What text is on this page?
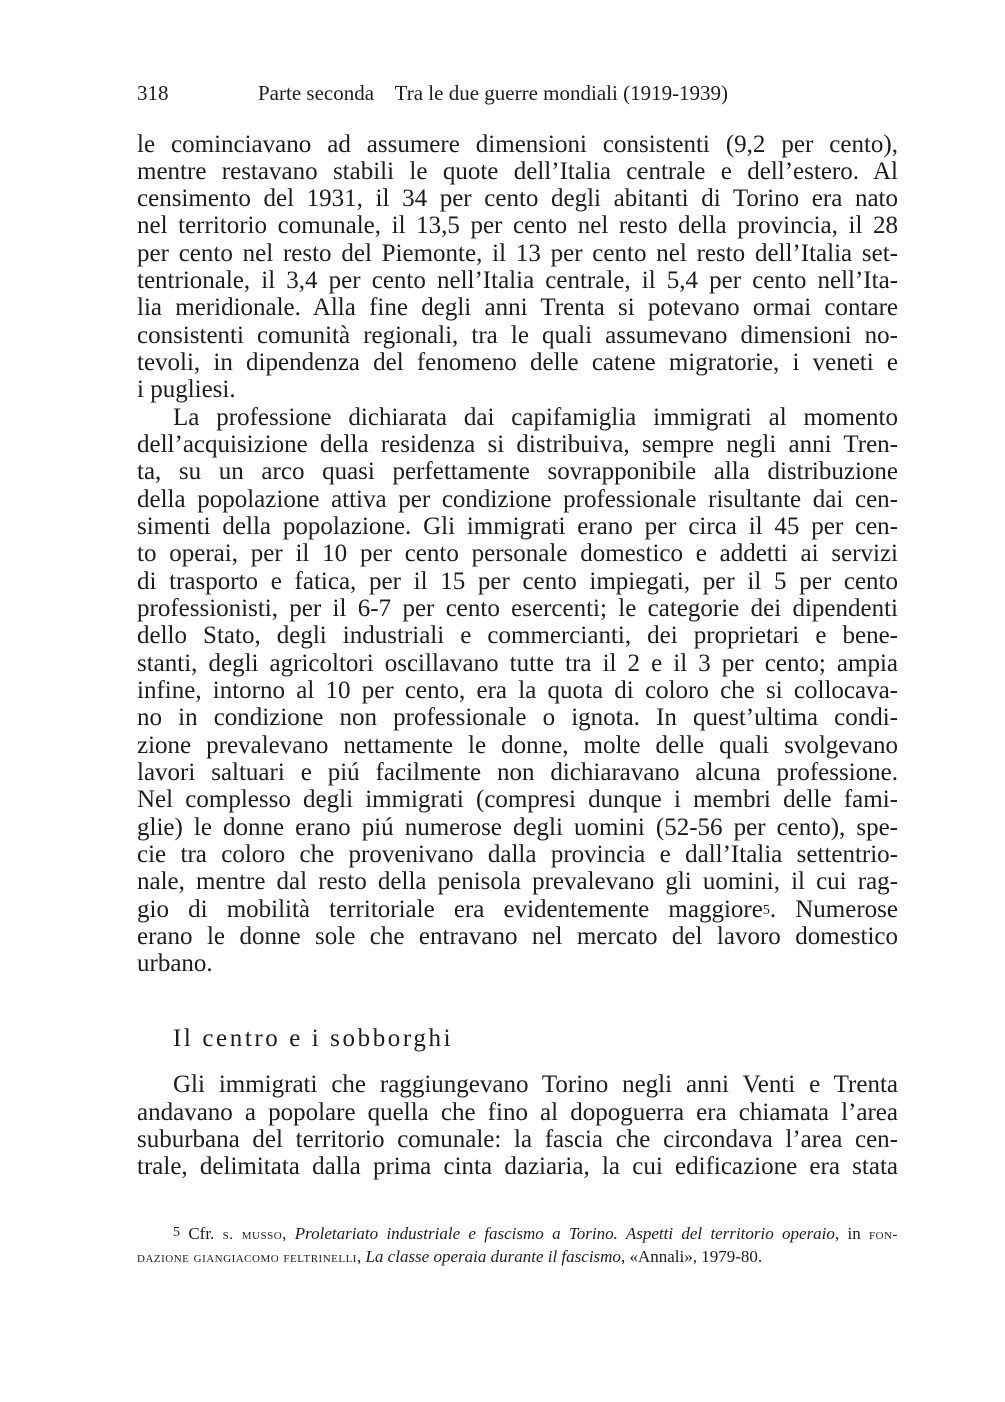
318	Parte seconda    Tra le due guerre mondiali (1919-1939)
le cominciavano ad assumere dimensioni consistenti (9,2 per cento),
mentre restavano stabili le quote dell’Italia centrale e dell’estero. Al
censimento del 1931, il 34 per cento degli abitanti di Torino era nato
nel territorio comunale, il 13,5 per cento nel resto della provincia, il 28
per cento nel resto del Piemonte, il 13 per cento nel resto dell’Italia set-
tentrionale, il 3,4 per cento nell’Italia centrale, il 5,4 per cento nell’Ita-
lia meridionale. Alla fine degli anni Trenta si potevano ormai contare
consistenti comunità regionali, tra le quali assumevano dimensioni no-
tevoli, in dipendenza del fenomeno delle catene migratorie, i veneti e
i pugliesi.
La professione dichiarata dai capifamiglia immigrati al momento
dell’acquisizione della residenza si distribuiva, sempre negli anni Tren-
ta, su un arco quasi perfettamente sovrapponibile alla distribuzione
della popolazione attiva per condizione professionale risultante dai cen-
simenti della popolazione. Gli immigrati erano per circa il 45 per cen-
to operai, per il 10 per cento personale domestico e addetti ai servizi
di trasporto e fatica, per il 15 per cento impiegati, per il 5 per cento
professionisti, per il 6-7 per cento esercenti; le categorie dei dipendenti
dello Stato, degli industriali e commercianti, dei proprietari e bene-
stanti, degli agricoltori oscillavano tutte tra il 2 e il 3 per cento; ampia
infine, intorno al 10 per cento, era la quota di coloro che si collocava-
no in condizione non professionale o ignota. In quest’ultima condi-
zione prevalevano nettamente le donne, molte delle quali svolgevano
lavori saltuari e piú facilmente non dichiaravano alcuna professione.
Nel complesso degli immigrati (compresi dunque i membri delle fami-
glie) le donne erano piú numerose degli uomini (52-56 per cento), spe-
cie tra coloro che provenivano dalla provincia e dall’Italia settentrio-
nale, mentre dal resto della penisola prevalevano gli uomini, il cui rag-
gio di mobilità territoriale era evidentemente maggiore$^5$. Numerose
erano le donne sole che entravano nel mercato del lavoro domestico
urbano.
Il centro e i sobborghi
Gli immigrati che raggiungevano Torino negli anni Venti e Trenta
andavano a popolare quella che fino al dopoguerra era chiamata l’area
suburbana del territorio comunale: la fascia che circondava l’area cen-
trale, delimitata dalla prima cinta daziaria, la cui edificazione era stata
$^5$ Cfr. s. musso, Proletariato industriale e fascismo a Torino. Aspetti del territorio operaio, in fon-
dazione giangiacomo feltrinelli, La classe operaia durante il fascismo, «Annali», 1979-80.
